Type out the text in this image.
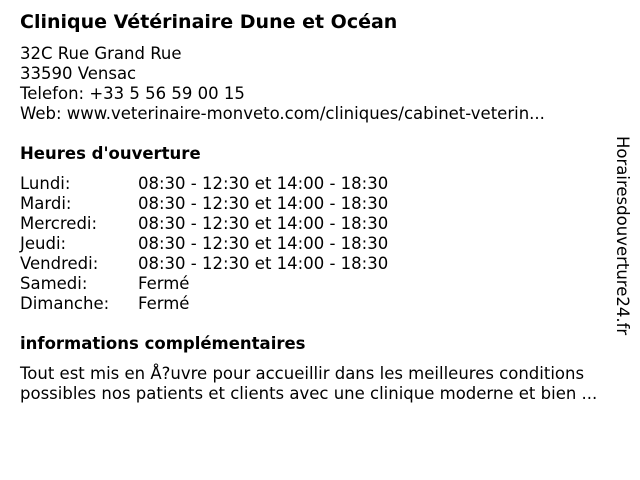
Clinique Vétérinaire Dune et Océan
32C Rue Grand Rue
33590 Vensac
Telefon: +33 5 56 59 00 15
Web: www.veterinaire-monveto.com/cliniques/cabinet-veterin...
Heures d'ouverture
Lundi:	08:30 - 12:30 et 14:00 - 18:30
Mardi:	08:30 - 12:30 et 14:00 - 18:30
Mercredi:	08:30 - 12:30 et 14:00 - 18:30
Jeudi:	08:30 - 12:30 et 14:00 - 18:30
Vendredi:	08:30 - 12:30 et 14:00 - 18:30
Samedi:	Fermé
Dimanche:	Fermé
informations complémentaires
Tout est mis en Å?uvre pour accueillir dans les meilleures conditions
possibles nos patients et clients avec une clinique moderne et bien ...
Horairesdouverture24.fr
